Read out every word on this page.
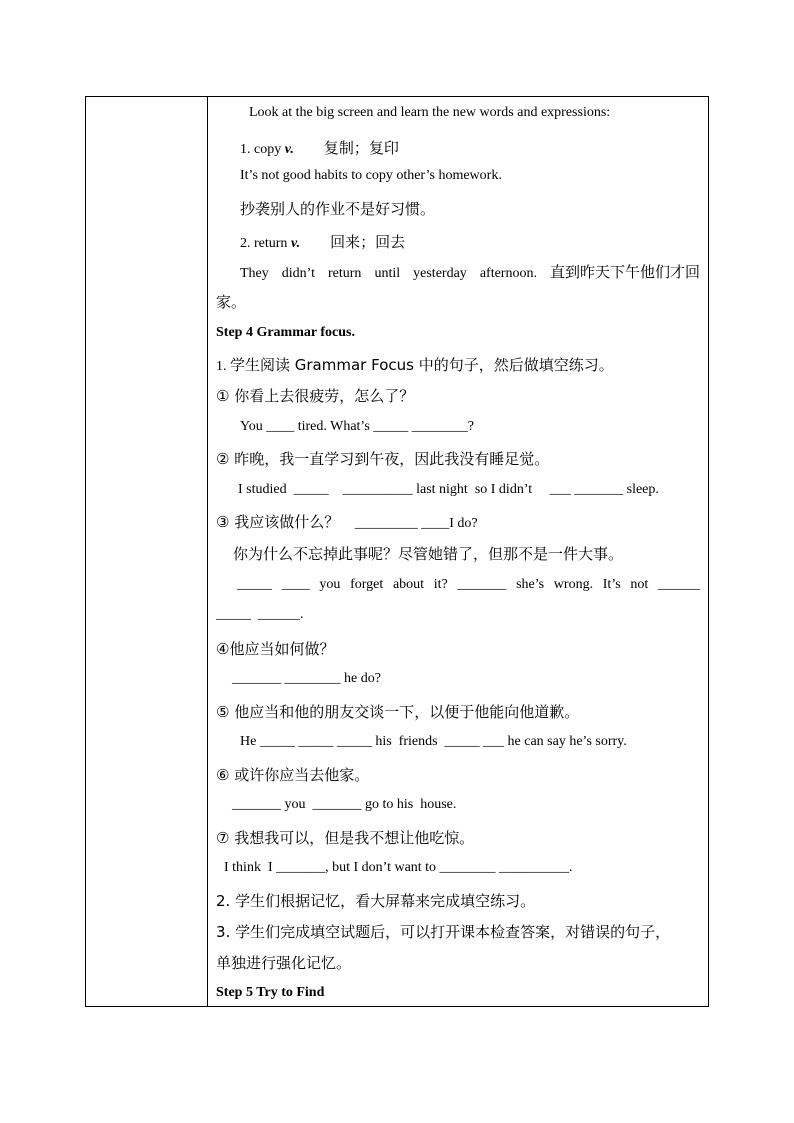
Look at the big screen and learn the new words and expressions:
1. copy v. 复制；复印
It’s not good habits to copy other’s homework.
抄袭别人的作业不是好习惯。
2. return v. 回来；回去
They didn’t return until yesterday afternoon. 直到昨天下午他们才回
家。
Step 4 Grammar focus.
1. 学生阅读 Grammar Focus 中的句子，然后做填空练习。
① 你看上去很疲劳，怎么了？
You ____ tired. What’s _____ ________?
② 昨晚，我一直学习到午夜，因此我没有睡足觉。
I studied  _____    __________ last night  so I didn’t     ___ _______ sleep.
③ 我应该做什么？ _________ ____I do?
你为什么不忘掉此事呢？尽管她错了，但那不是一件大事。
_____ ____ you forget about it? _______ she’s wrong. It’s not ______
_____  ______.
④他应当如何做？
_______ ________ he do?
⑤ 他应当和他的朋友交谈一下，以便于他能向他道歉。
He _____ _____ _____ his  friends  _____ ___ he can say he’s sorry.
⑥ 或许你应当去他家。
_______ you  _______ go to his  house.
⑦ 我想我可以，但是我不想让他吃惊。
I think  I _______, but I don’t want to ________ __________.
2. 学生们根据记忆，看大屏幕来完成填空练习。
3. 学生们完成填空试题后，可以打开课本检查答案，对错误的句子，
单独进行强化记忆。
Step 5 Try to Find
